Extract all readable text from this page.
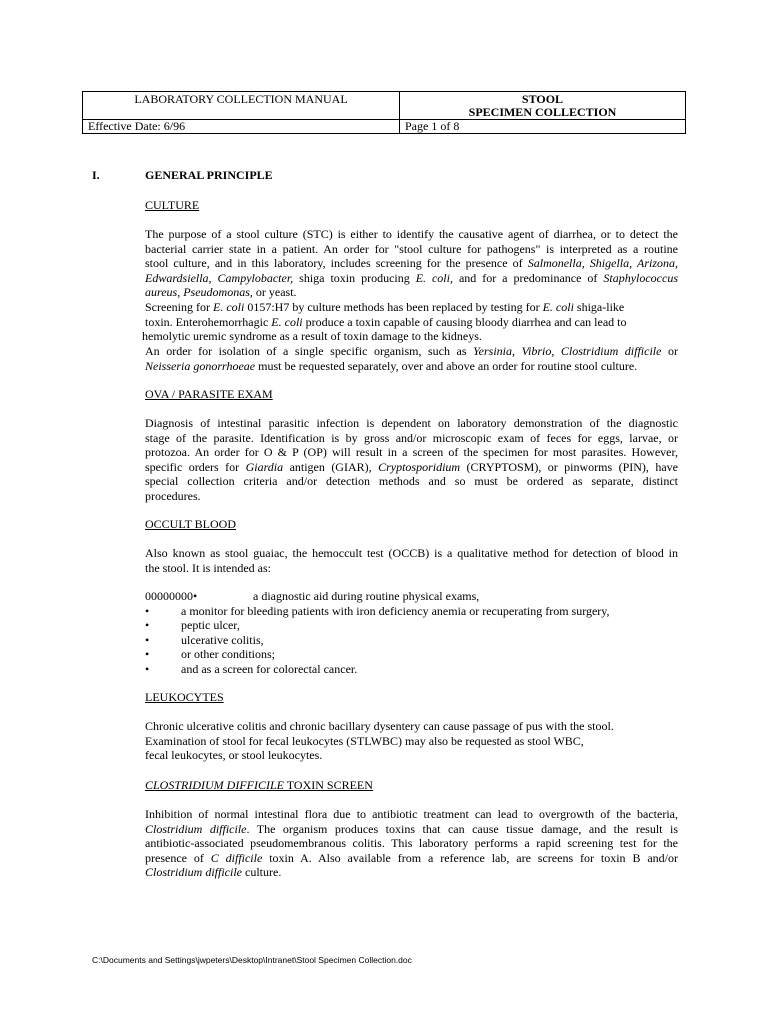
LABORATORY COLLECTION MANUAL	STOOL
SPECIMEN COLLECTION
Effective Date: 6/96	Page 1 of 8
I.	GENERAL PRINCIPLE
CULTURE
The purpose of a stool culture (STC) is either to identify the causative agent of diarrhea, or to detect the
bacterial carrier state in a patient. An order for "stool culture for pathogens" is interpreted as a routine
stool culture, and in this laboratory, includes screening for the presence of Salmonella, Shigella, Arizona,
Edwardsiella, Campylobacter, shiga toxin producing E. coli, and for a predominance of Staphylococcus
aureus, Pseudomonas, or yeast.
Screening for E. coli 0157:H7 by culture methods has been replaced by testing for E. coli shiga-like
toxin. Enterohemorrhagic E. coli produce a toxin capable of causing bloody diarrhea and can lead to
hemolytic uremic syndrome as a result of toxin damage to the kidneys.
An order for isolation of a single specific organism, such as Yersinia, Vibrio, Clostridium difficile or
Neisseria gonorrhoeae must be requested separately, over and above an order for routine stool culture.
OVA / PARASITE EXAM
Diagnosis of intestinal parasitic infection is dependent on laboratory demonstration of the diagnostic
stage of the parasite. Identification is by gross and/or microscopic exam of feces for eggs, larvae, or
protozoa. An order for O & P (OP) will result in a screen of the specimen for most parasites. However,
specific orders for Giardia antigen (GIAR), Cryptosporidium (CRYPTOSM), or pinworms (PIN), have
special collection criteria and/or detection methods and so must be ordered as separate, distinct
procedures.
OCCULT BLOOD
Also known as stool guaiac, the hemoccult test (OCCB) is a qualitative method for detection of blood in
the stool. It is intended as:
00000000•	a diagnostic aid during routine physical exams,
•	a monitor for bleeding patients with iron deficiency anemia or recuperating from surgery,
•	peptic ulcer,
•	ulcerative colitis,
•	or other conditions;
•	and as a screen for colorectal cancer.
LEUKOCYTES
Chronic ulcerative colitis and chronic bacillary dysentery can cause passage of pus with the stool.
Examination of stool for fecal leukocytes (STLWBC) may also be requested as stool WBC,
fecal leukocytes, or stool leukocytes.
CLOSTRIDIUM DIFFICILE TOXIN SCREEN
Inhibition of normal intestinal flora due to antibiotic treatment can lead to overgrowth of the bacteria,
Clostridium difficile. The organism produces toxins that can cause tissue damage, and the result is
antibiotic-associated pseudomembranous colitis. This laboratory performs a rapid screening test for the
presence of C difficile toxin A. Also available from a reference lab, are screens for toxin B and/or
Clostridium difficile culture.
C:\Documents and Settings\jwpeters\Desktop\Intranet\Stool Specimen Collection.doc
